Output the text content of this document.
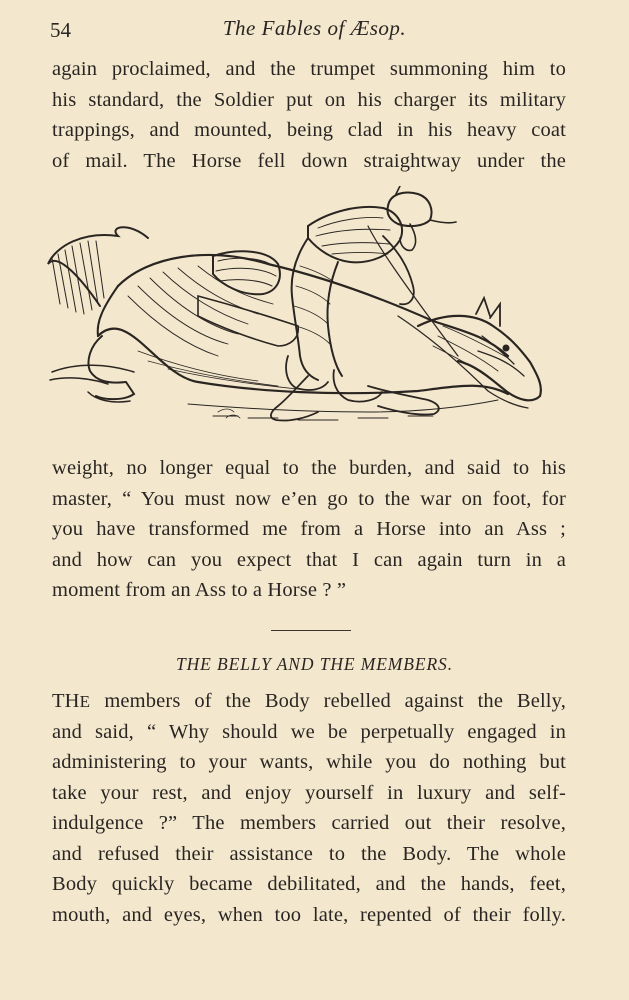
54	The Fables of Æsop.
again proclaimed, and the trumpet summoning him to
his standard, the Soldier put on his charger its military
trappings, and mounted, being clad in his heavy coat
of mail. The Horse fell down straightway under the
weight, no longer equal to the burden, and said to his
master, “ You must now e’en go to the war on foot, for
you have transformed me from a Horse into an Ass ;
and how can you expect that I can again turn in a
moment from an Ass to a Horse ? ”
THE BELLY AND THE MEMBERS.
THE members of the Body rebelled against the Belly,
and said, “ Why should we be perpetually engaged in
administering to your wants, while you do nothing but
take your rest, and enjoy yourself in luxury and self-
indulgence ?” The members carried out their resolve,
and refused their assistance to the Body. The whole
Body quickly became debilitated, and the hands, feet,
mouth, and eyes, when too late, repented of their folly.
